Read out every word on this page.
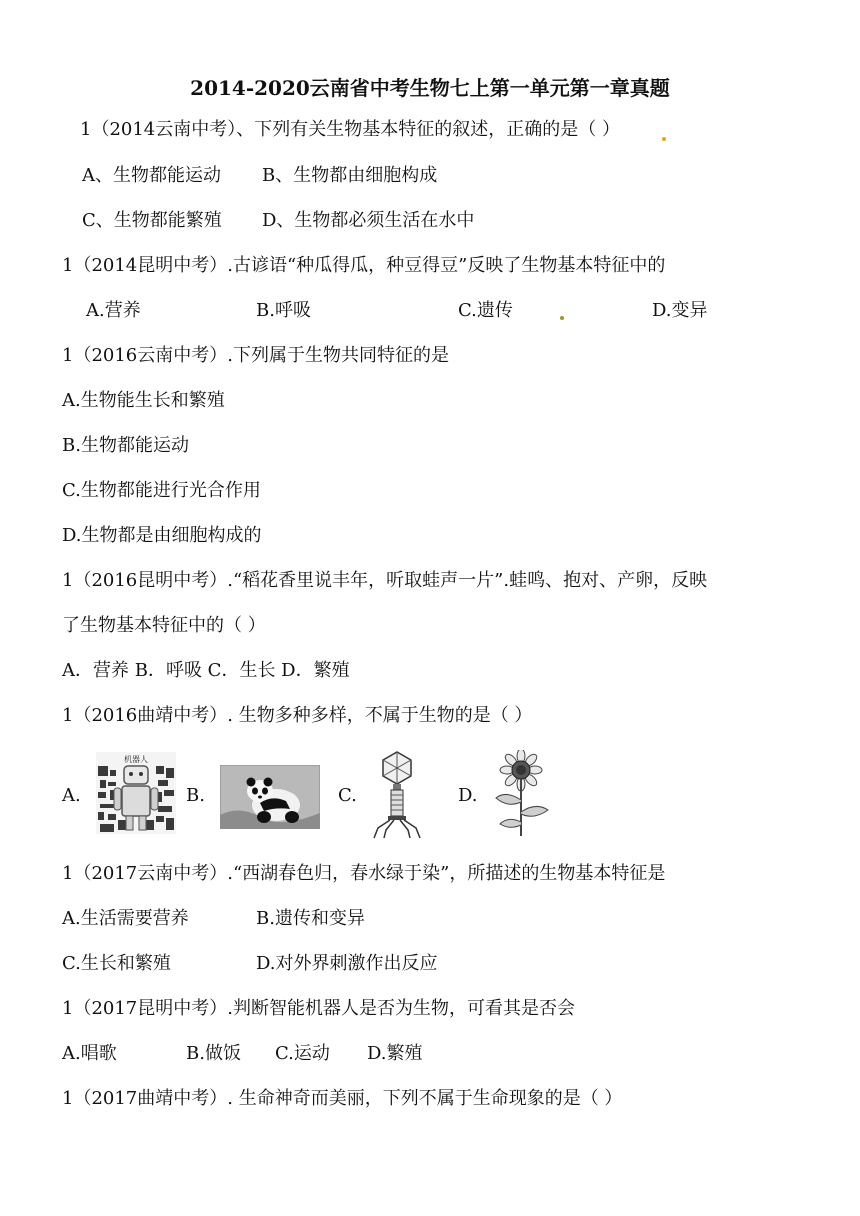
2014-2020云南省中考生物七上第一单元第一章真题
1（2014云南中考）、下列有关生物基本特征的叙述，正确的是（ ）
A、生物都能运动 B、生物都由细胞构成
C、生物都能繁殖 D、生物都必须生活在水中
1（2014昆明中考）.古谚语“种瓜得瓜，种豆得豆”反映了生物基本特征中的
A.营养	B.呼吸	C.遗传	D.变异
1（2016云南中考）.下列属于生物共同特征的是
A.生物能生长和繁殖
B.生物都能运动
C.生物都能进行光合作用
D.生物都是由细胞构成的
1（2016昆明中考）.“稻花香里说丰年，听取蛙声一片”.蛙鸣、抱对、产卵，反映
了生物基本特征中的（ ）
A．营养 B．呼吸 C．生长 D．繁殖
1（2016曲靖中考）. 生物多种多样，不属于生物的是（ ）
A.
机器人
B.	C.	D.
1（2017云南中考）.“西湖春色归，春水绿于染”，所描述的生物基本特征是
A.生活需要营养	B.遗传和变异
C.生长和繁殖	D.对外界刺激作出反应
1（2017昆明中考）.判断智能机器人是否为生物，可看其是否会
A.唱歌	B.做饭 C.运动 D.繁殖
1（2017曲靖中考）. 生命神奇而美丽，下列不属于生命现象的是（ ）
